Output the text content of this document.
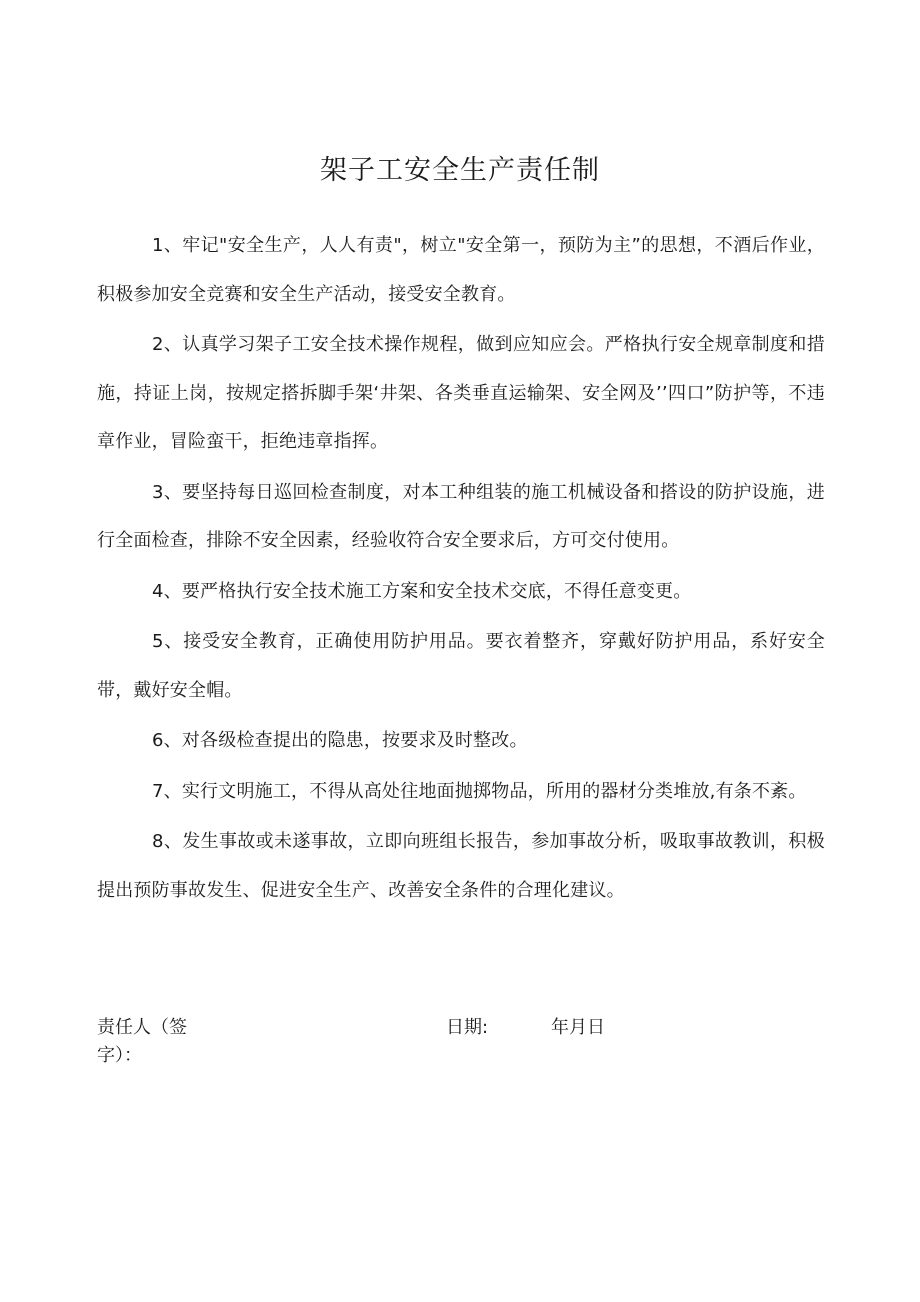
架子工安全生产责任制

1、牢记"安全生产，人人有责"，树立"安全第一，预防为主”的思想，不酒后作业，积极参加安全竞赛和安全生产活动，接受安全教育。

2、认真学习架子工安全技术操作规程，做到应知应会。严格执行安全规章制度和措施，持证上岗，按规定搭拆脚手架‘井架、各类垂直运输架、安全网及’’四口”防护等，不违章作业，冒险蛮干，拒绝违章指挥。

3、要坚持每日巡回检查制度，对本工种组装的施工机械设备和搭设的防护设施，进行全面检查，排除不安全因素，经验收符合安全要求后，方可交付使用。

4、要严格执行安全技术施工方案和安全技术交底，不得任意变更。

5、接受安全教育，正确使用防护用品。要衣着整齐，穿戴好防护用品，系好安全带，戴好安全帽。

6、对各级检查提出的隐患，按要求及时整改。

7、实行文明施工，不得从高处往地面抛掷物品，所用的器材分类堆放,有条不紊。

8、发生事故或未遂事故，立即向班组长报告，参加事故分析，吸取事故教训，积极提出预防事故发生、促进安全生产、改善安全条件的合理化建议。

责任人（签字）：
日期:	年月日
